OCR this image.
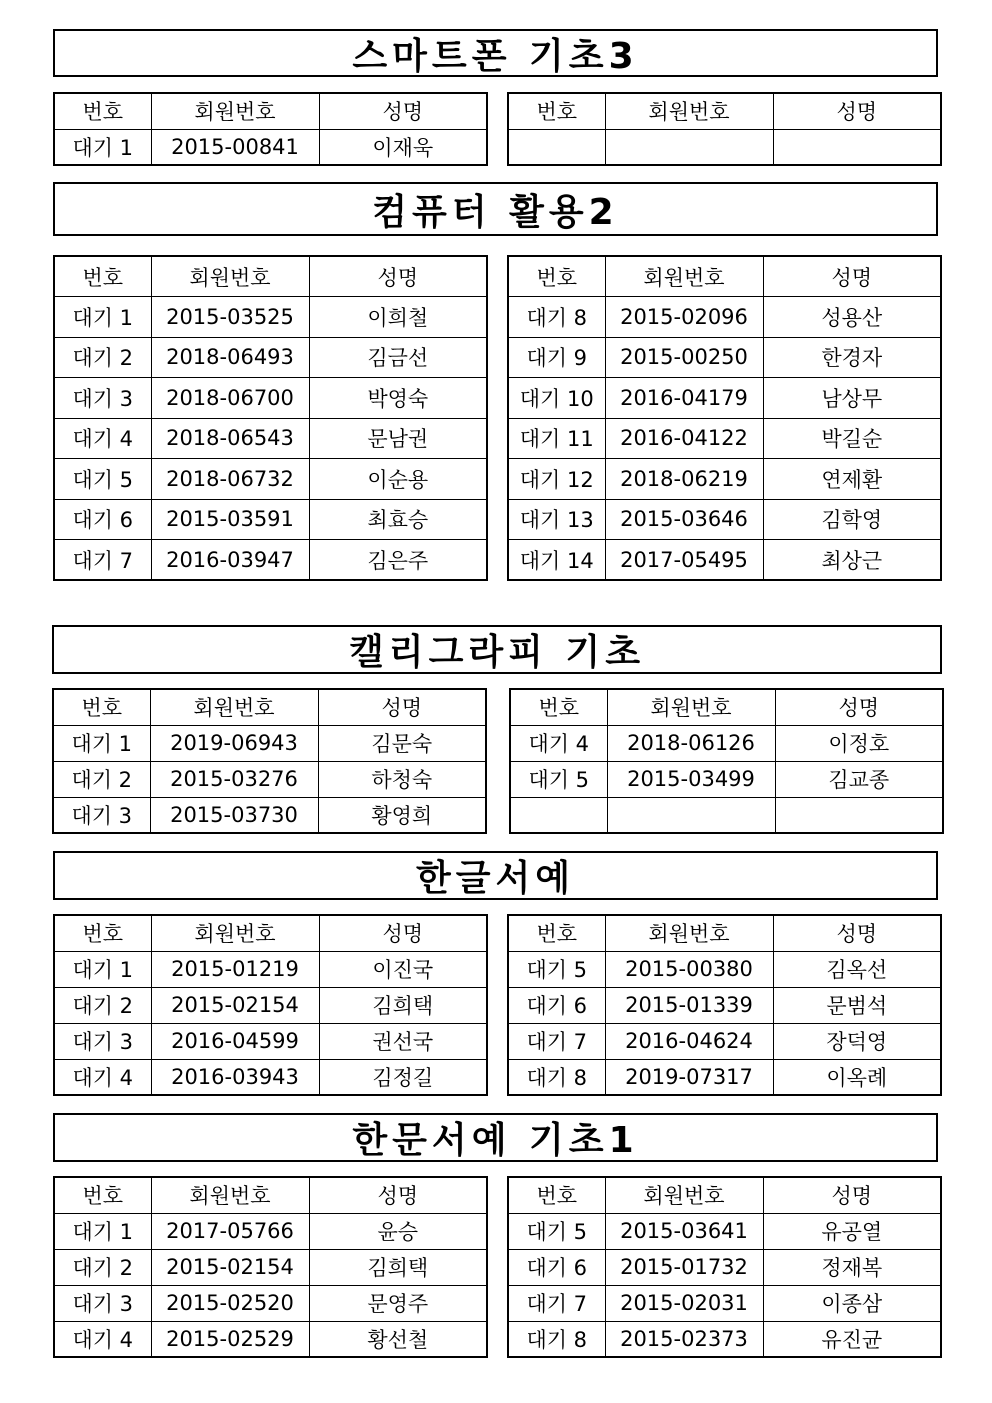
스마트폰 기초3
번호	회원번호	성명
대기 1	2015-00841	이재욱
번호	회원번호	성명

컴퓨터 활용2
번호	회원번호	성명
대기 1	2015-03525	이희철
대기 2	2018-06493	김금선
대기 3	2018-06700	박영숙
대기 4	2018-06543	문남권
대기 5	2018-06732	이순용
대기 6	2015-03591	최효승
대기 7	2016-03947	김은주
번호	회원번호	성명
대기 8	2015-02096	성용산
대기 9	2015-00250	한경자
대기 10	2016-04179	남상무
대기 11	2016-04122	박길순
대기 12	2018-06219	연제환
대기 13	2015-03646	김학영
대기 14	2017-05495	최상근
캘리그라피 기초
번호	회원번호	성명
대기 1	2019-06943	김문숙
대기 2	2015-03276	하청숙
대기 3	2015-03730	황영희
번호	회원번호	성명
대기 4	2018-06126	이정호
대기 5	2015-03499	김교종

한글서예
번호	회원번호	성명
대기 1	2015-01219	이진국
대기 2	2015-02154	김희택
대기 3	2016-04599	권선국
대기 4	2016-03943	김정길
번호	회원번호	성명
대기 5	2015-00380	김옥선
대기 6	2015-01339	문범석
대기 7	2016-04624	장덕영
대기 8	2019-07317	이옥례
한문서예 기초1
번호	회원번호	성명
대기 1	2017-05766	윤승
대기 2	2015-02154	김희택
대기 3	2015-02520	문영주
대기 4	2015-02529	황선철
번호	회원번호	성명
대기 5	2015-03641	유공열
대기 6	2015-01732	정재복
대기 7	2015-02031	이종삼
대기 8	2015-02373	유진균
